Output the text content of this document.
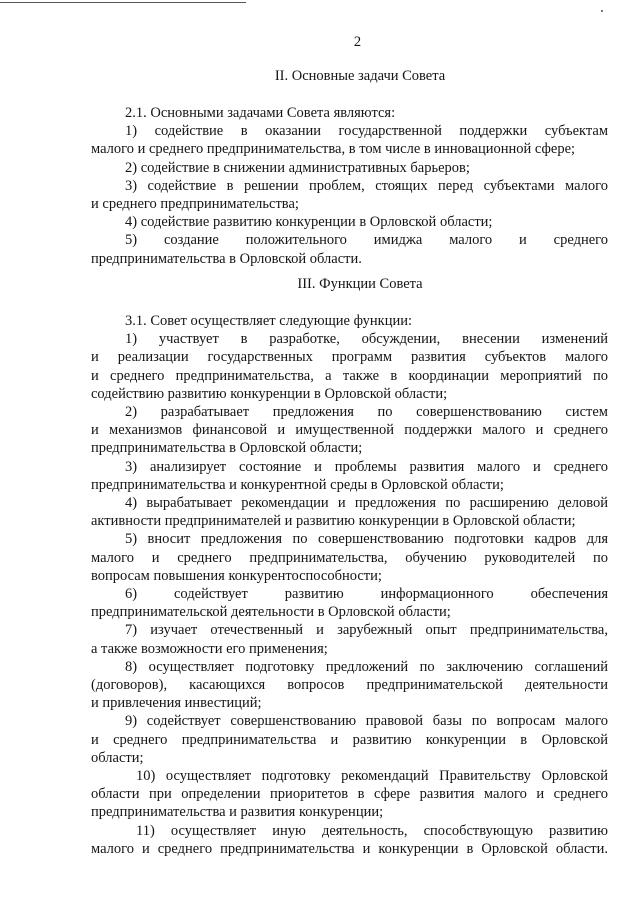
2
II. Основные задачи Совета

2.1. Основными задачами Совета являются:

1) содействие в оказании государственной поддержки субъектам

малого и среднего предпринимательства, в том числе в инновационной сфере;

2) содействие в снижении административных барьеров;

3) содействие в решении проблем, стоящих перед субъектами малого

и среднего предпринимательства;

4) содействие развитию конкуренции в Орловской области;

5) создание положительного имиджа малого и среднего

предпринимательства в Орловской области.

III. Функции Совета

3.1. Совет осуществляет следующие функции:

1) участвует в разработке, обсуждении, внесении изменений

и реализации государственных программ развития субъектов малого

и среднего предпринимательства, а также в координации мероприятий по

содействию развитию конкуренции в Орловской области;

2) разрабатывает предложения по совершенствованию систем

и механизмов финансовой и имущественной поддержки малого и среднего

предпринимательства в Орловской области;

3) анализирует состояние и проблемы развития малого и среднего

предпринимательства и конкурентной среды в Орловской области;

4) вырабатывает рекомендации и предложения по расширению деловой

активности предпринимателей и развитию конкуренции в Орловской области;

5) вносит предложения по совершенствованию подготовки кадров для

малого и среднего предпринимательства, обучению руководителей по

вопросам повышения конкурентоспособности;

6) содействует развитию информационного обеспечения

предпринимательской деятельности в Орловской области;

7) изучает отечественный и зарубежный опыт предпринимательства,

а также возможности его применения;

8) осуществляет подготовку предложений по заключению соглашений

(договоров), касающихся вопросов предпринимательской деятельности

и привлечения инвестиций;

9) содействует совершенствованию правовой базы по вопросам малого

и среднего предпринимательства и развитию конкуренции в Орловской

области;

10) осуществляет подготовку рекомендаций Правительству Орловской

области при определении приоритетов в сфере развития малого и среднего

предпринимательства и развития конкуренции;

11) осуществляет иную деятельность, способствующую развитию

малого и среднего предпринимательства и конкуренции в Орловской области.
